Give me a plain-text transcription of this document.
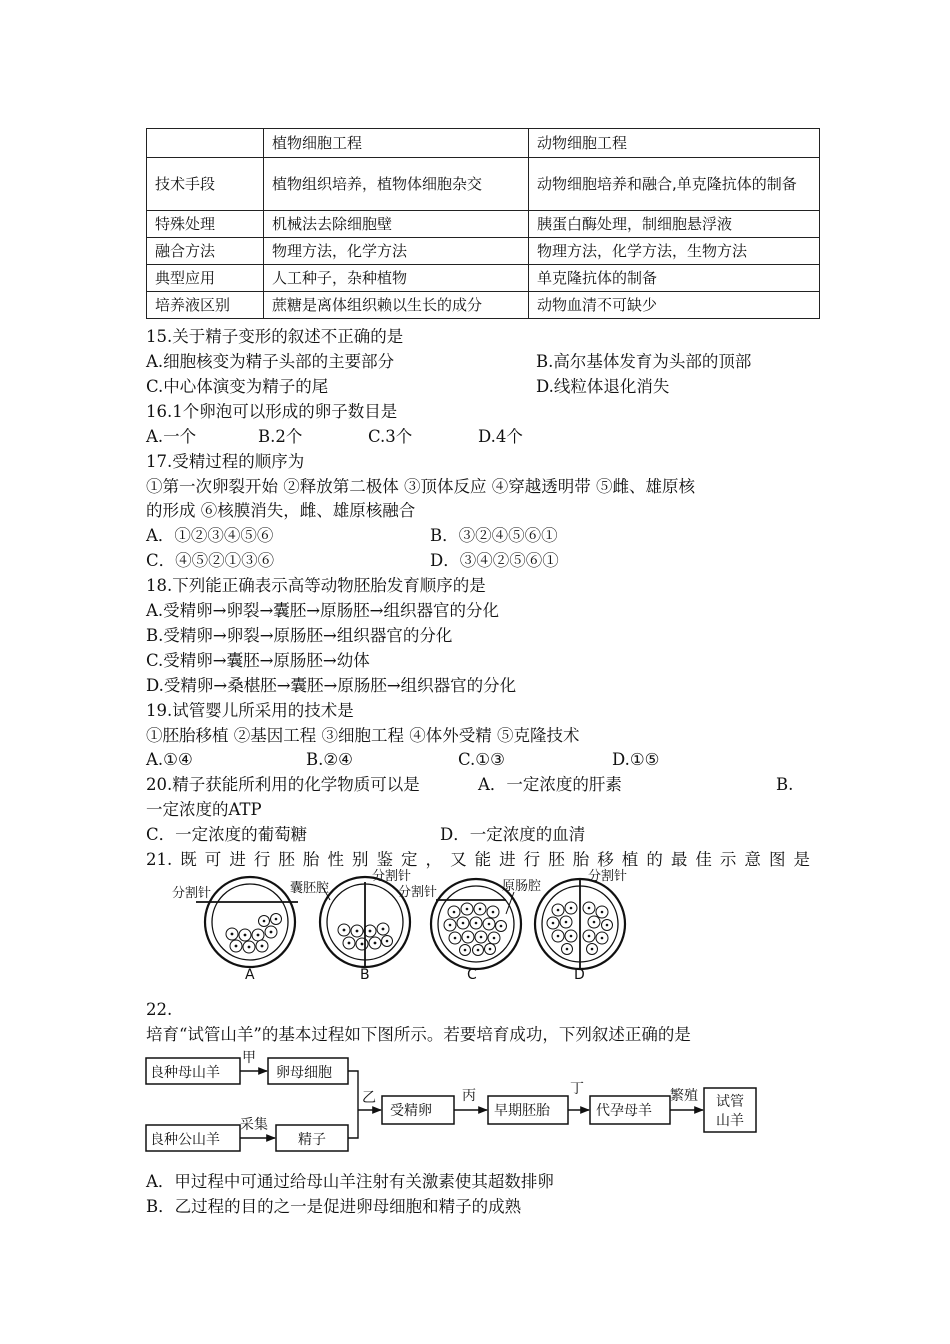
	植物细胞工程	动物细胞工程
技术手段	植物组织培养，植物体细胞杂交	动物细胞培养和融合,单克隆抗体的制备
特殊处理	机械法去除细胞壁	胰蛋白酶处理，制细胞悬浮液
融合方法	物理方法，化学方法	物理方法，化学方法，生物方法
典型应用	人工种子，杂种植物	单克隆抗体的制备
培养液区别	蔗糖是离体组织赖以生长的成分	动物血清不可缺少
15.关于精子变形的叙述不正确的是
A.细胞核变为精子头部的主要部分	B.高尔基体发育为头部的顶部
C.中心体演变为精子的尾	D.线粒体退化消失
16.1个卵泡可以形成的卵子数目是
A.一个	B.2个	C.3个	D.4个
17.受精过程的顺序为
①第一次卵裂开始 ②释放第二极体 ③顶体反应 ④穿越透明带 ⑤雌、雄原核
的形成 ⑥核膜消失，雌、雄原核融合
A．①②③④⑤⑥	B．③②④⑤⑥①
C．④⑤②①③⑥	D．③④②⑤⑥①
18.下列能正确表示高等动物胚胎发育顺序的是
A.受精卵→卵裂→囊胚→原肠胚→组织器官的分化
B.受精卵→卵裂→原肠胚→组织器官的分化
C.受精卵→囊胚→原肠胚→幼体
D.受精卵→桑椹胚→囊胚→原肠胚→组织器官的分化
19.试管婴儿所采用的技术是
①胚胎移植 ②基因工程 ③细胞工程 ④体外受精 ⑤克隆技术
A.①④	B.②④	C.①③	D.①⑤
20.精子获能所利用的化学物质可以是	A．一定浓度的肝素	B.
一定浓度的ATP
C．一定浓度的葡萄糖	D．一定浓度的血清
21.既可进行胚胎性别鉴定，又能进行胚胎移植的最佳示意图是
分割针
A
囊胚腔
分割针
B
分割针	原肠腔
C
分割针
D
22.
培育“试管山羊”的基本过程如下图所示。若要培育成功，下列叙述正确的是
良种母山羊
甲
卵母细胞
良种公山羊
采集
精子
乙
受精卵
丙
早期胚胎
丁
代孕母羊
繁殖 试管
山羊
A．甲过程中可通过给母山羊注射有关激素使其超数排卵
B．乙过程的目的之一是促进卵母细胞和精子的成熟
